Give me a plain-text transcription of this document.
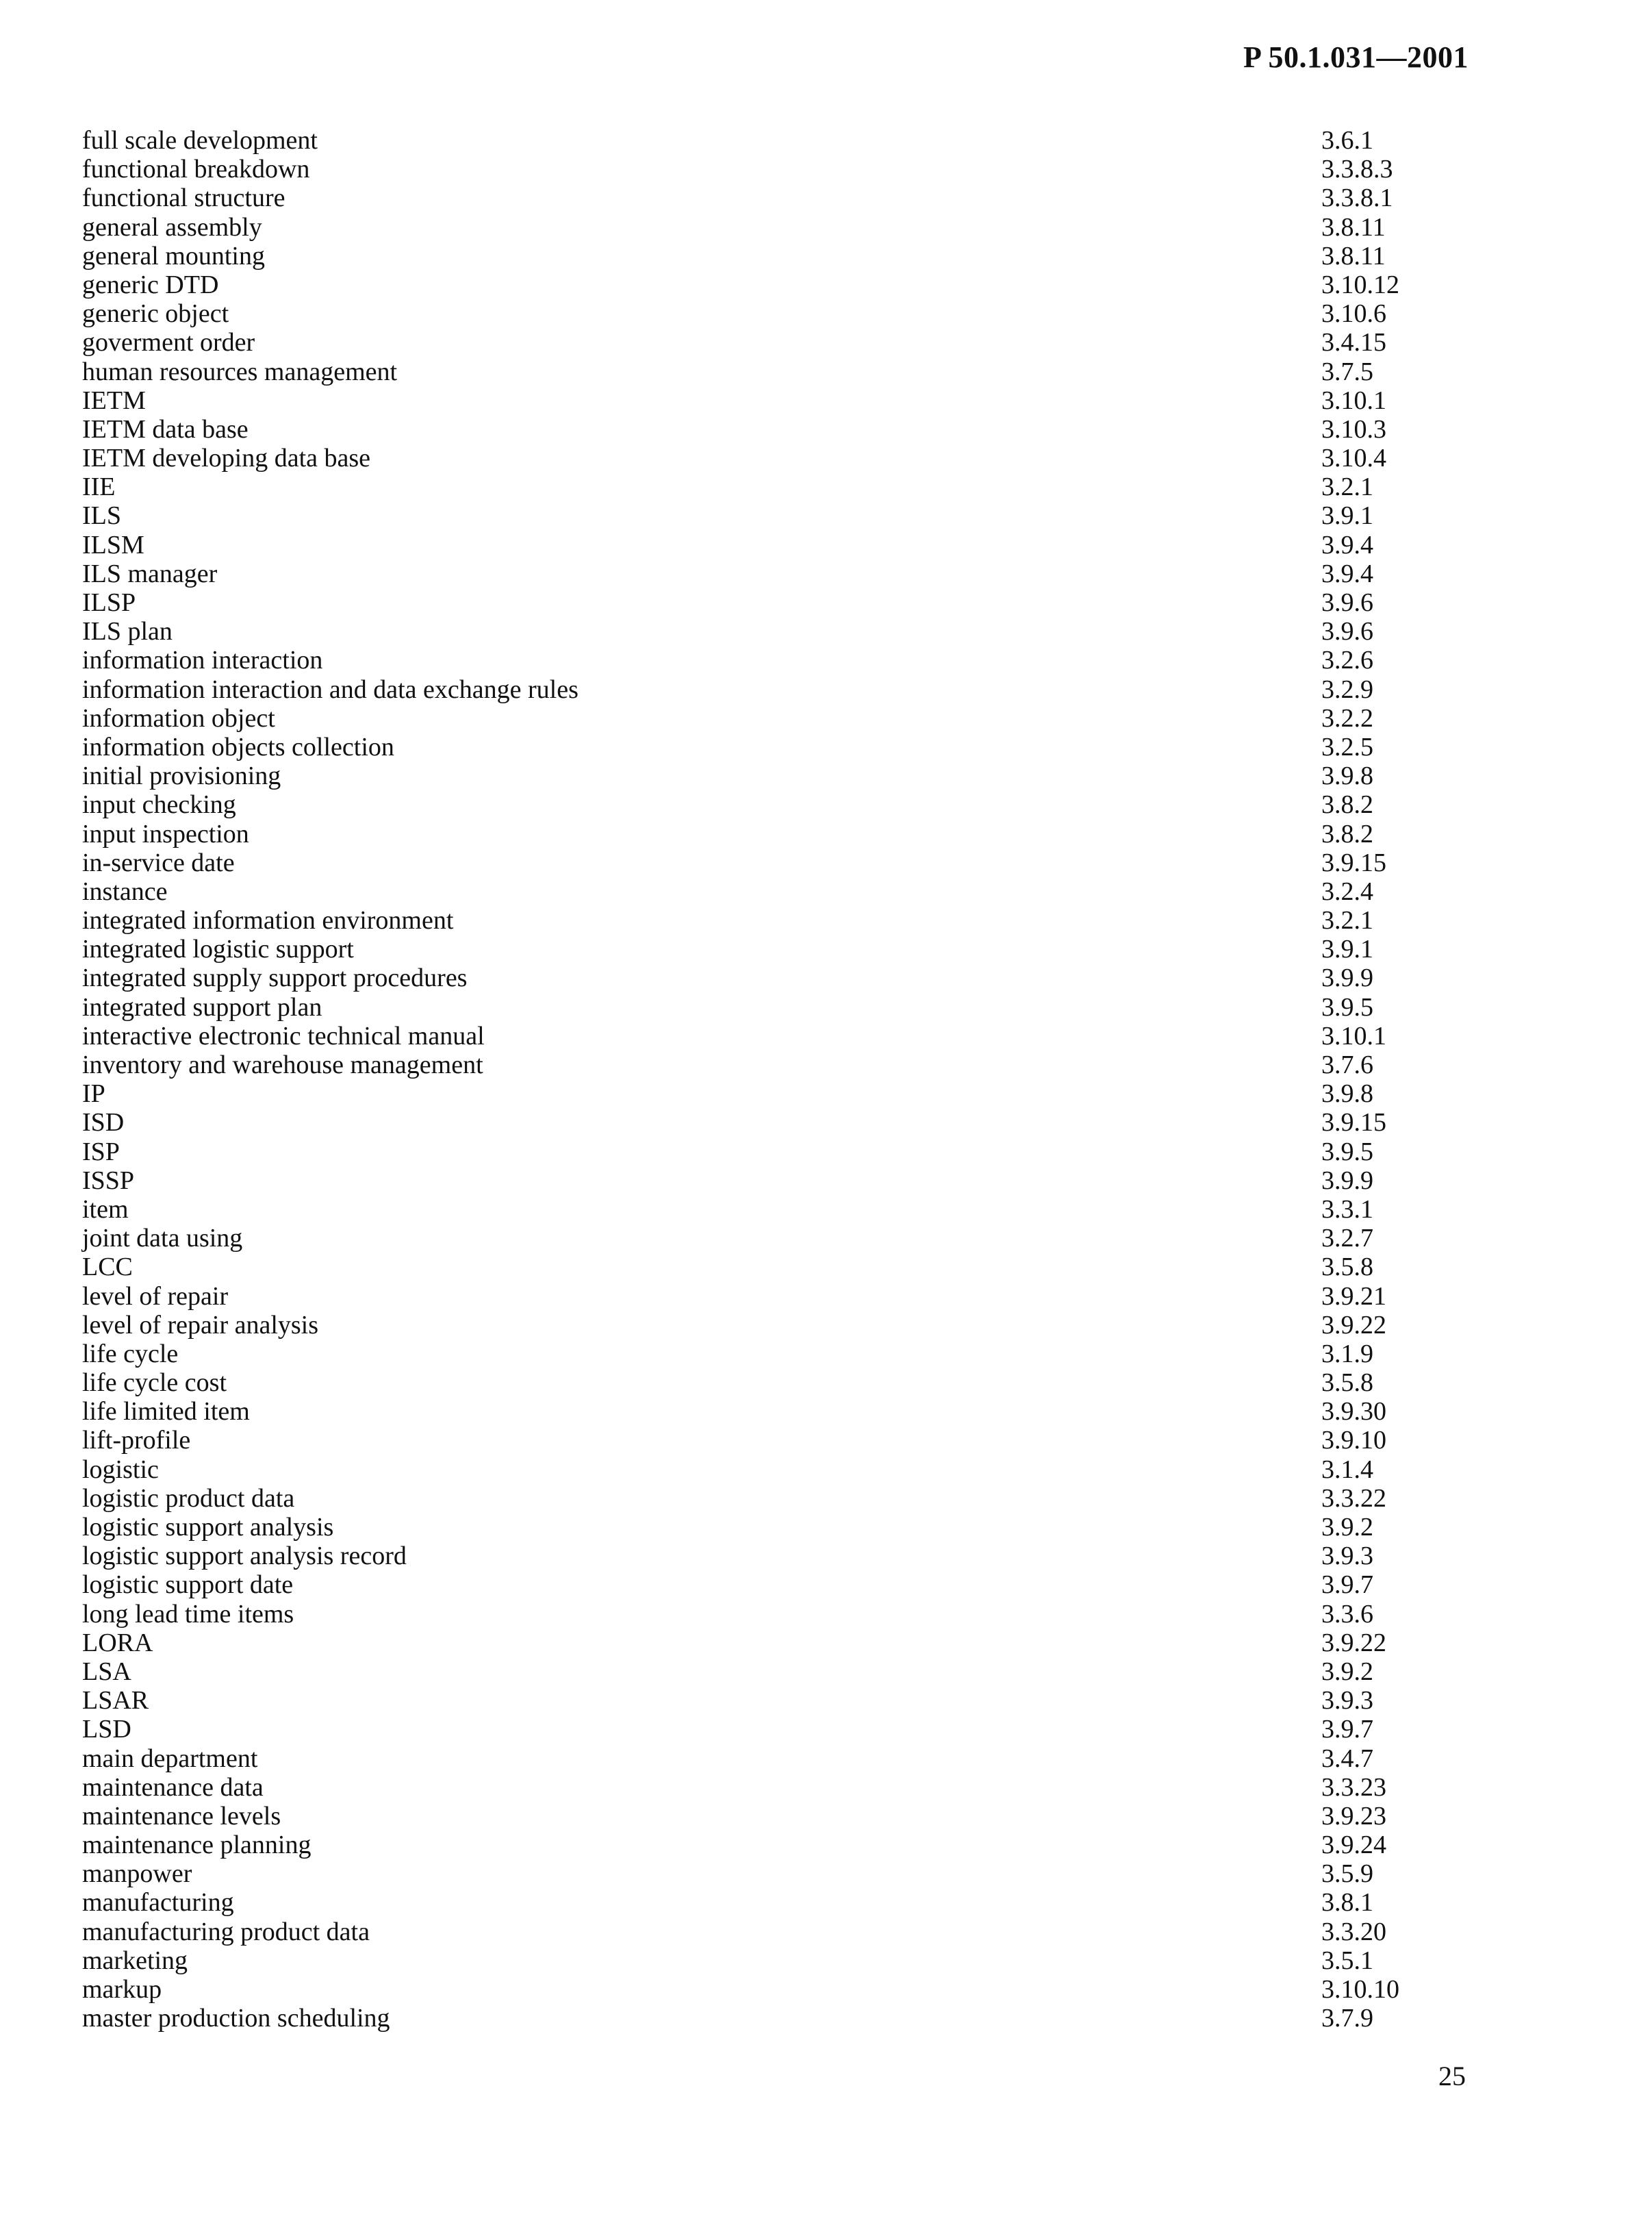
P 50.1.031—2001
full scale development	3.6.1
functional breakdown	3.3.8.3
functional structure	3.3.8.1
general assembly	3.8.11
general mounting	3.8.11
generic DTD	3.10.12
generic object	3.10.6
goverment order	3.4.15
human resources management	3.7.5
IETM	3.10.1
IETM data base	3.10.3
IETM developing data base	3.10.4
IIE	3.2.1
ILS	3.9.1
ILSM	3.9.4
ILS manager	3.9.4
ILSP	3.9.6
ILS plan	3.9.6
information interaction	3.2.6
information interaction and data exchange rules	3.2.9
information object	3.2.2
information objects collection	3.2.5
initial provisioning	3.9.8
input checking	3.8.2
input inspection	3.8.2
in-service date	3.9.15
instance	3.2.4
integrated information environment	3.2.1
integrated logistic support	3.9.1
integrated supply support procedures	3.9.9
integrated support plan	3.9.5
interactive electronic technical manual	3.10.1
inventory and warehouse management	3.7.6
IP	3.9.8
ISD	3.9.15
ISP	3.9.5
ISSP	3.9.9
item	3.3.1
joint data using	3.2.7
LCC	3.5.8
level of repair	3.9.21
level of repair analysis	3.9.22
life cycle	3.1.9
life cycle cost	3.5.8
life limited item	3.9.30
lift-profile	3.9.10
logistic	3.1.4
logistic product data	3.3.22
logistic support analysis	3.9.2
logistic support analysis record	3.9.3
logistic support date	3.9.7
long lead time items	3.3.6
LORA	3.9.22
LSA	3.9.2
LSAR	3.9.3
LSD	3.9.7
main department	3.4.7
maintenance data	3.3.23
maintenance levels	3.9.23
maintenance planning	3.9.24
manpower	3.5.9
manufacturing	3.8.1
manufacturing product data	3.3.20
marketing	3.5.1
markup	3.10.10
master production scheduling	3.7.9
25
